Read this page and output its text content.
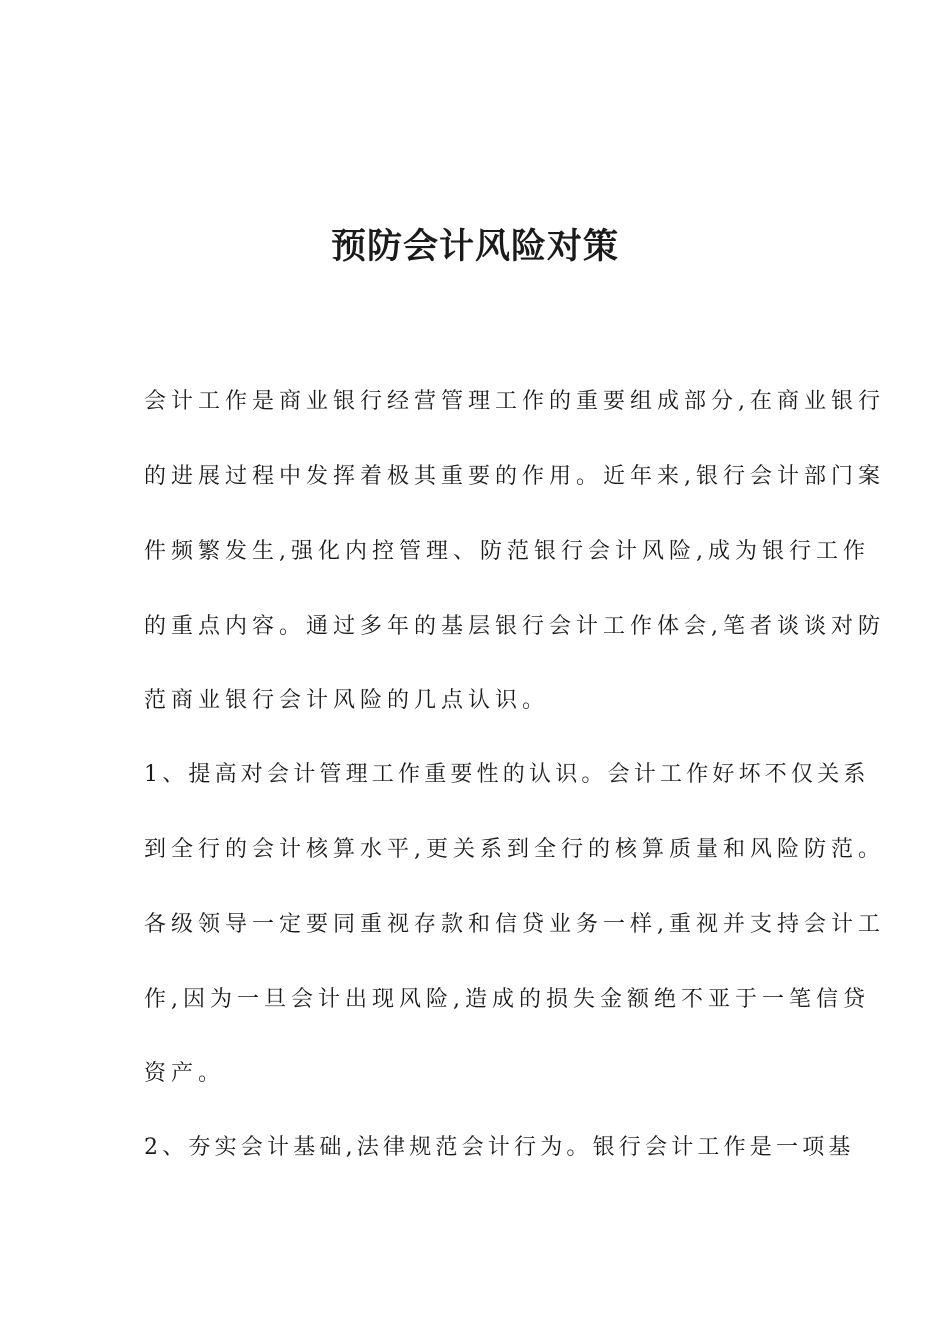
预防会计风险对策

会计工作是商业银行经营管理工作的重要组成部分,在商业银行

的进展过程中发挥着极其重要的作用。近年来,银行会计部门案

件频繁发生,强化内控管理、防范银行会计风险,成为银行工作

的重点内容。通过多年的基层银行会计工作体会,笔者谈谈对防

范商业银行会计风险的几点认识。

1、提高对会计管理工作重要性的认识。会计工作好坏不仅关系

到全行的会计核算水平,更关系到全行的核算质量和风险防范。

各级领导一定要同重视存款和信贷业务一样,重视并支持会计工

作,因为一旦会计出现风险,造成的损失金额绝不亚于一笔信贷

资产。

2、夯实会计基础,法律规范会计行为。银行会计工作是一项基
